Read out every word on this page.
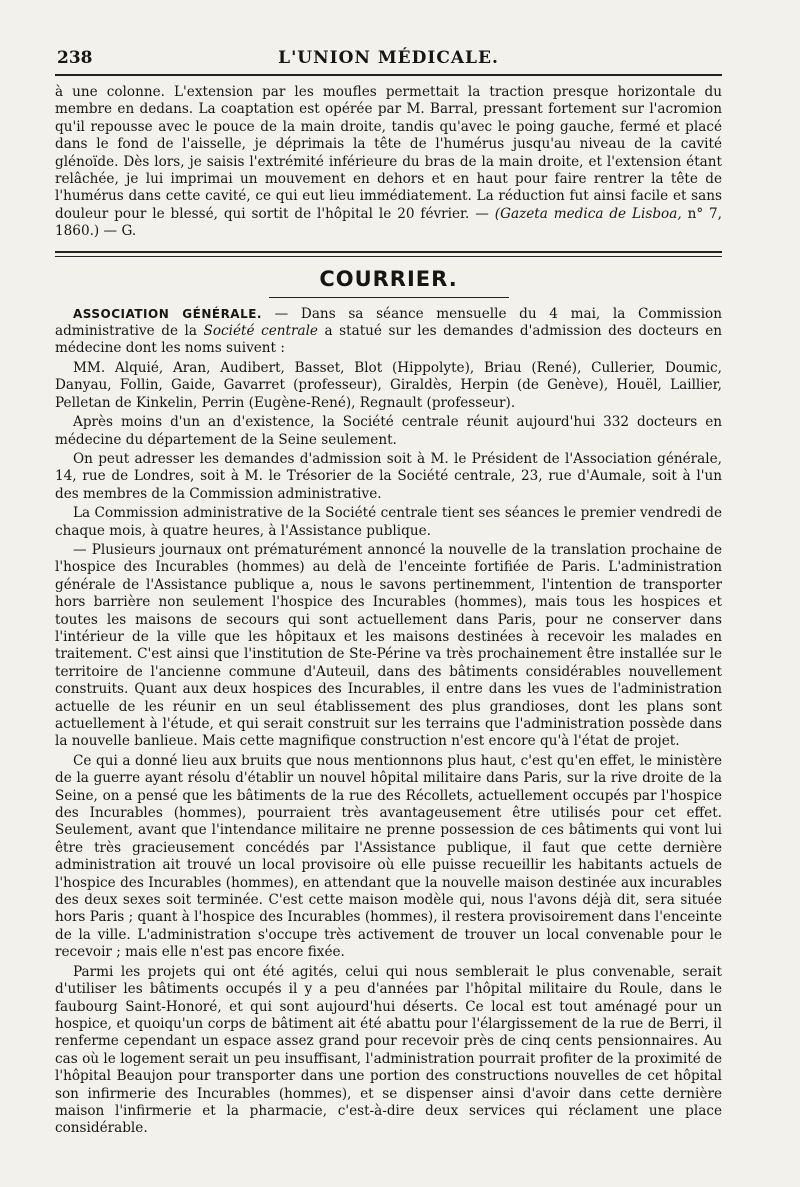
238	L'UNION MÉDICALE.

à une colonne. L'extension par les moufles permettait la traction presque horizontale du membre en dedans. La coaptation est opérée par M. Barral, pressant fortement sur l'acromion qu'il repousse avec le pouce de la main droite, tandis qu'avec le poing gauche, fermé et placé dans le fond de l'aisselle, je déprimais la tête de l'humérus jusqu'au niveau de la cavité glénoïde. Dès lors, je saisis l'extrémité inférieure du bras de la main droite, et l'extension étant relâchée, je lui imprimai un mouvement en dehors et en haut pour faire rentrer la tête de l'humérus dans cette cavité, ce qui eut lieu immédiatement. La réduction fut ainsi facile et sans douleur pour le blessé, qui sortit de l'hôpital le 20 février. — (Gazeta medica de Lisboa, n° 7, 1860.) — G.

COURRIER.

ASSOCIATION GÉNÉRALE. — Dans sa séance mensuelle du 4 mai, la Commission administrative de la Société centrale a statué sur les demandes d'admission des docteurs en médecine dont les noms suivent :

MM. Alquié, Aran, Audibert, Basset, Blot (Hippolyte), Briau (René), Cullerier, Doumic, Danyau, Follin, Gaide, Gavarret (professeur), Giraldès, Herpin (de Genève), Houël, Laillier, Pelletan de Kinkelin, Perrin (Eugène-René), Regnault (professeur).

Après moins d'un an d'existence, la Société centrale réunit aujourd'hui 332 docteurs en médecine du département de la Seine seulement.

On peut adresser les demandes d'admission soit à M. le Président de l'Association générale, 14, rue de Londres, soit à M. le Trésorier de la Société centrale, 23, rue d'Aumale, soit à l'un des membres de la Commission administrative.

La Commission administrative de la Société centrale tient ses séances le premier vendredi de chaque mois, à quatre heures, à l'Assistance publique.

— Plusieurs journaux ont prématurément annoncé la nouvelle de la translation prochaine de l'hospice des Incurables (hommes) au delà de l'enceinte fortifiée de Paris. L'administration générale de l'Assistance publique a, nous le savons pertinemment, l'intention de transporter hors barrière non seulement l'hospice des Incurables (hommes), mais tous les hospices et toutes les maisons de secours qui sont actuellement dans Paris, pour ne conserver dans l'intérieur de la ville que les hôpitaux et les maisons destinées à recevoir les malades en traitement. C'est ainsi que l'institution de Ste-Périne va très prochainement être installée sur le territoire de l'ancienne commune d'Auteuil, dans des bâtiments considérables nouvellement construits. Quant aux deux hospices des Incurables, il entre dans les vues de l'administration actuelle de les réunir en un seul établissement des plus grandioses, dont les plans sont actuellement à l'étude, et qui serait construit sur les terrains que l'administration possède dans la nouvelle banlieue. Mais cette magnifique construction n'est encore qu'à l'état de projet.

Ce qui a donné lieu aux bruits que nous mentionnons plus haut, c'est qu'en effet, le ministère de la guerre ayant résolu d'établir un nouvel hôpital militaire dans Paris, sur la rive droite de la Seine, on a pensé que les bâtiments de la rue des Récollets, actuellement occupés par l'hospice des Incurables (hommes), pourraient très avantageusement être utilisés pour cet effet. Seulement, avant que l'intendance militaire ne prenne possession de ces bâtiments qui vont lui être très gracieusement concédés par l'Assistance publique, il faut que cette dernière administration ait trouvé un local provisoire où elle puisse recueillir les habitants actuels de l'hospice des Incurables (hommes), en attendant que la nouvelle maison destinée aux incurables des deux sexes soit terminée. C'est cette maison modèle qui, nous l'avons déjà dit, sera située hors Paris ; quant à l'hospice des Incurables (hommes), il restera provisoirement dans l'enceinte de la ville. L'administration s'occupe très activement de trouver un local convenable pour le recevoir ; mais elle n'est pas encore fixée.

Parmi les projets qui ont été agités, celui qui nous semblerait le plus convenable, serait d'utiliser les bâtiments occupés il y a peu d'années par l'hôpital militaire du Roule, dans le faubourg Saint-Honoré, et qui sont aujourd'hui déserts. Ce local est tout aménagé pour un hospice, et quoiqu'un corps de bâtiment ait été abattu pour l'élargissement de la rue de Berri, il renferme cependant un espace assez grand pour recevoir près de cinq cents pensionnaires. Au cas où le logement serait un peu insuffisant, l'administration pourrait profiter de la proximité de l'hôpital Beaujon pour transporter dans une portion des constructions nouvelles de cet hôpital son infirmerie des Incurables (hommes), et se dispenser ainsi d'avoir dans cette dernière maison l'infirmerie et la pharmacie, c'est-à-dire deux services qui réclament une place considérable.
